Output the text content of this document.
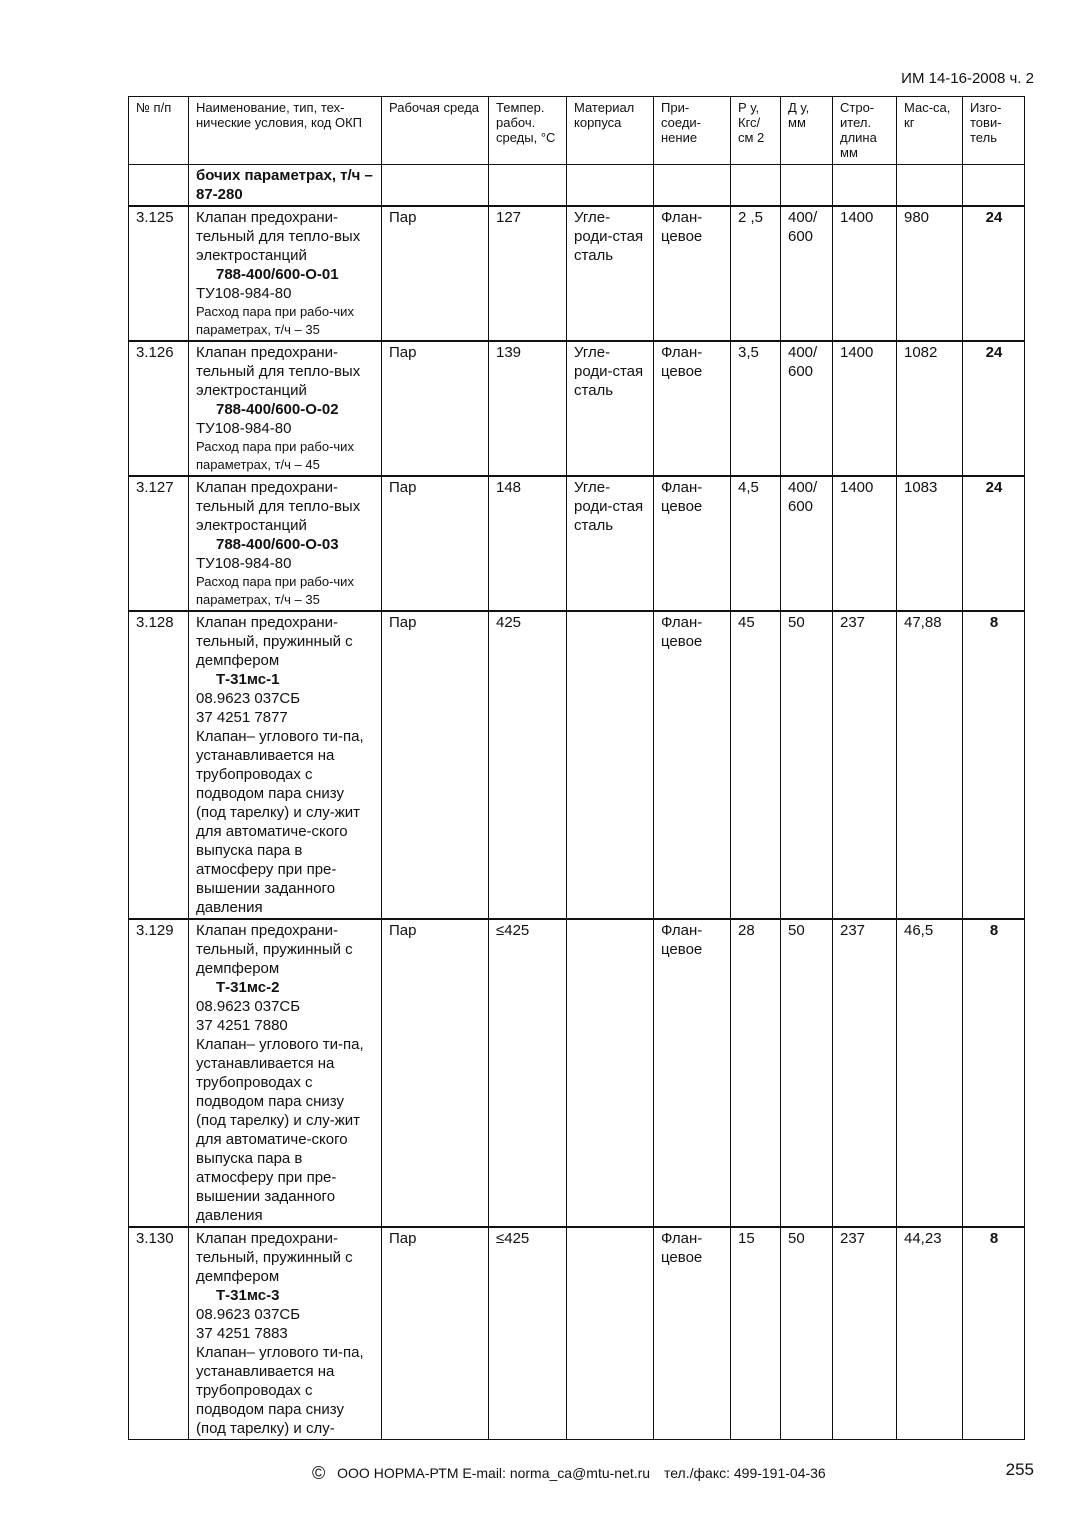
ИМ 14-16-2008 ч. 2
№ п/п	Наименование, тип, тех-нические условия, код ОКП	Рабочая среда	Темпер. рабоч. среды, °С	Материал корпуса	При-соеди-нение	Р у, Кгс/ см 2	Д у, мм	Стро-ител. длина мм	Мас-са, кг	Изго-тови-тель
	бочих параметрах, т/ч – 87-280									
3.125	Клапан предохрани-тельный для тепло-вых электростанций
788-400/600-О-01
ТУ108-984-80
Расход пара при рабо-чих параметрах, т/ч – 35	Пар	127	Угле-роди-стая сталь	Флан-цевое	2 ,5	400/ 600	1400	980	24
3.126	Клапан предохрани-тельный для тепло-вых электростанций
788-400/600-О-02
ТУ108-984-80
Расход пара при рабо-чих параметрах, т/ч – 45	Пар	139	Угле-роди-стая сталь	Флан-цевое	3,5	400/ 600	1400	1082	24
3.127	Клапан предохрани-тельный для тепло-вых электростанций
788-400/600-О-03
ТУ108-984-80
Расход пара при рабо-чих параметрах, т/ч – 35	Пар	148	Угле-роди-стая сталь	Флан-цевое	4,5	400/ 600	1400	1083	24
3.128	Клапан предохрани-тельный, пружинный с демпфером
Т-31мс-1
08.9623 037СБ
37 4251 7877
Клапан– углового ти-па, устанавливается на трубопроводах с подводом пара снизу (под тарелку) и слу-жит для автоматиче-ского выпуска пара в атмосферу при пре-вышении заданного давления	Пар	425		Флан-цевое	45	50	237	47,88	8
3.129	Клапан предохрани-тельный, пружинный с демпфером
Т-31мс-2
08.9623 037СБ
37 4251 7880
Клапан– углового ти-па, устанавливается на трубопроводах с подводом пара снизу (под тарелку) и слу-жит для автоматиче-ского выпуска пара в атмосферу при пре-вышении заданного давления	Пар	≤425		Флан-цевое	28	50	237	46,5	8
3.130	Клапан предохрани-тельный, пружинный с демпфером
Т-31мс-3
08.9623 037СБ
37 4251 7883
Клапан– углового ти-па, устанавливается на трубопроводах с подводом пара снизу (под тарелку) и слу-	Пар	≤425		Флан-цевое	15	50	237	44,23	8
© ООО НОРМА-РТМ E-mail: norma_ca@mtu-net.ru тел./факс: 499-191-04-36	255
